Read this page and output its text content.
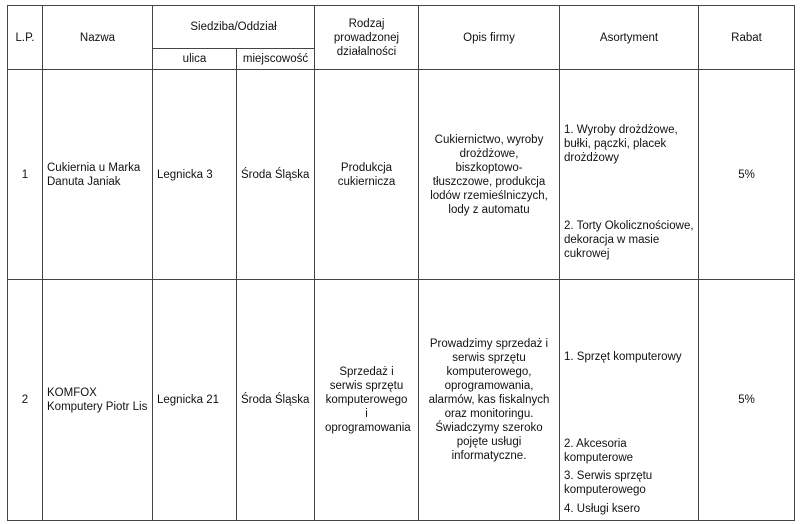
L.P.	Nazwa	Siedziba/Oddział		Rodzaj prowadzonej działalności	Opis firmy	Asortyment	Rabat
		ulica	miejscowość				
1	Cukiernia u Marka Danuta Janiak	Legnicka 3	Środa Śląska	Produkcja cukiernicza	Cukiernictwo, wyroby drożdżowe, biszkoptowo-tłuszczowe, produkcja lodów rzemieślniczych, lody z automatu	1. Wyroby drożdżowe, bułki, pączki, placek drożdżowy

2. Torty Okolicznościowe, dekoracja w masie cukrowej	5%
2	KOMFOX Komputery Piotr Lis	Legnicka 21	Środa Śląska	Sprzedaż i serwis sprzętu komputerowego i oprogramowania	Prowadzimy sprzedaż i serwis sprzętu komputerowego, oprogramowania, alarmów, kas fiskalnych oraz monitoringu. Świadczymy szeroko pojęte usługi informatyczne.	1. Sprzęt komputerowy

2. Akcesoria komputerowe

3. Serwis sprzętu komputerowego

4. Usługi ksero	5%
